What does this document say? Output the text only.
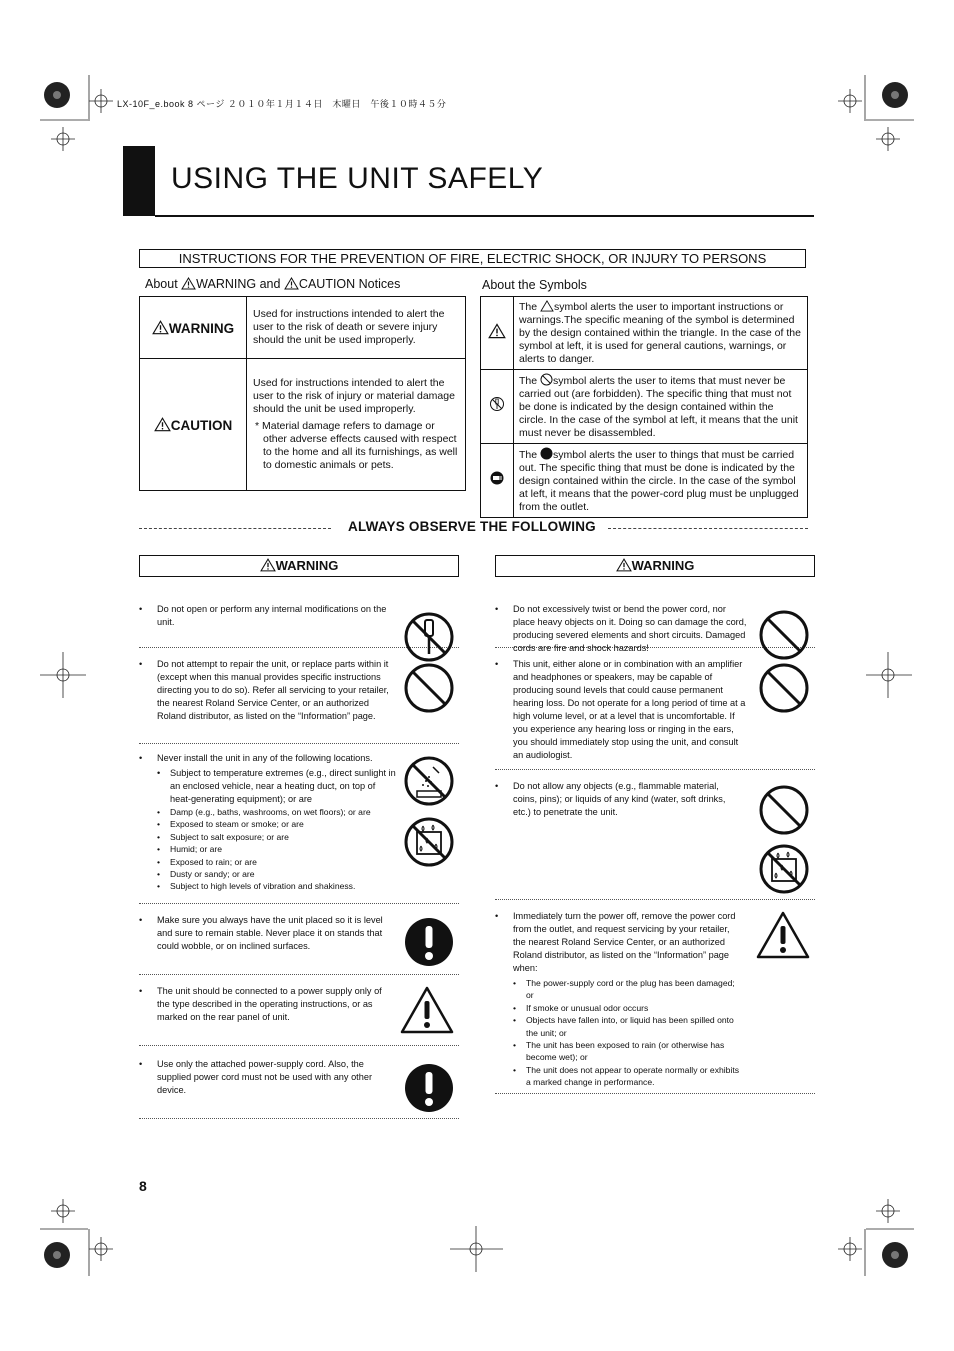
LX-10F_e.book 8 ページ ２０１０年１月１４日　木曜日　午後１０時４５分
USING THE UNIT SAFELY
INSTRUCTIONS FOR THE PREVENTION OF FIRE, ELECTRIC SHOCK, OR INJURY TO PERSONS
About WARNING and CAUTION Notices	About the Symbols
WARNING	Used for instructions intended to alert the user to the risk of death or severe injury should the unit be used improperly.
CAUTION	Used for instructions intended to alert the user to the risk of injury or material damage should the unit be used improperly.
* Material damage refers to damage or other adverse effects caused with respect to the home and all its furnishings, as well to domestic animals or pets.
	The symbol alerts the user to important instructions or warnings.The specific meaning of the symbol is determined by the design contained within the triangle. In the case of the symbol at left, it is used for general cautions, warnings, or alerts to danger.
	The symbol alerts the user to items that must never be carried out (are forbidden). The specific thing that must not be done is indicated by the design contained within the circle. In the case of the symbol at left, it means that the unit must never be disassembled.
	The symbol alerts the user to things that must be carried out. The specific thing that must be done is indicated by the design contained within the circle. In the case of the symbol at left, it means that the power-cord plug must be unplugged from the outlet.
ALWAYS OBSERVE THE FOLLOWING
WARNING
• Do not open or perform any internal modifications on the unit.
• Do not attempt to repair the unit, or replace parts within it (except when this manual provides specific instructions directing you to do so). Refer all servicing to your retailer, the nearest Roland Service Center, or an authorized Roland distributor, as listed on the “Information” page.
• Never install the unit in any of the following locations.
• Subject to temperature extremes (e.g., direct sunlight in an enclosed vehicle, near a heating duct, on top of heat-generating equipment); or are
• Damp (e.g., baths, washrooms, on wet floors); or are
• Exposed to steam or smoke; or are
• Subject to salt exposure; or are
• Humid; or are
• Exposed to rain; or are
• Dusty or sandy; or are
• Subject to high levels of vibration and shakiness.
• Make sure you always have the unit placed so it is level and sure to remain stable. Never place it on stands that could wobble, or on inclined surfaces.
• The unit should be connected to a power supply only of the type described in the operating instructions, or as marked on the rear panel of unit.
• Use only the attached power-supply cord. Also, the supplied power cord must not be used with any other device.
WARNING
• Do not excessively twist or bend the power cord, nor place heavy objects on it. Doing so can damage the cord, producing severed elements and short circuits. Damaged cords are fire and shock hazards!
• This unit, either alone or in combination with an amplifier and headphones or speakers, may be capable of producing sound levels that could cause permanent hearing loss. Do not operate for a long period of time at a high volume level, or at a level that is uncomfortable. If you experience any hearing loss or ringing in the ears, you should immediately stop using the unit, and consult an audiologist.
• Do not allow any objects (e.g., flammable material, coins, pins); or liquids of any kind (water, soft drinks, etc.) to penetrate the unit.
• Immediately turn the power off, remove the power cord from the outlet, and request servicing by your retailer, the nearest Roland Service Center, or an authorized Roland distributor, as listed on the “Information” page when:
• The power-supply cord or the plug has been damaged; or
• If smoke or unusual odor occurs
• Objects have fallen into, or liquid has been spilled onto the unit; or
• The unit has been exposed to rain (or otherwise has become wet); or
• The unit does not appear to operate normally or exhibits a marked change in performance.
8
